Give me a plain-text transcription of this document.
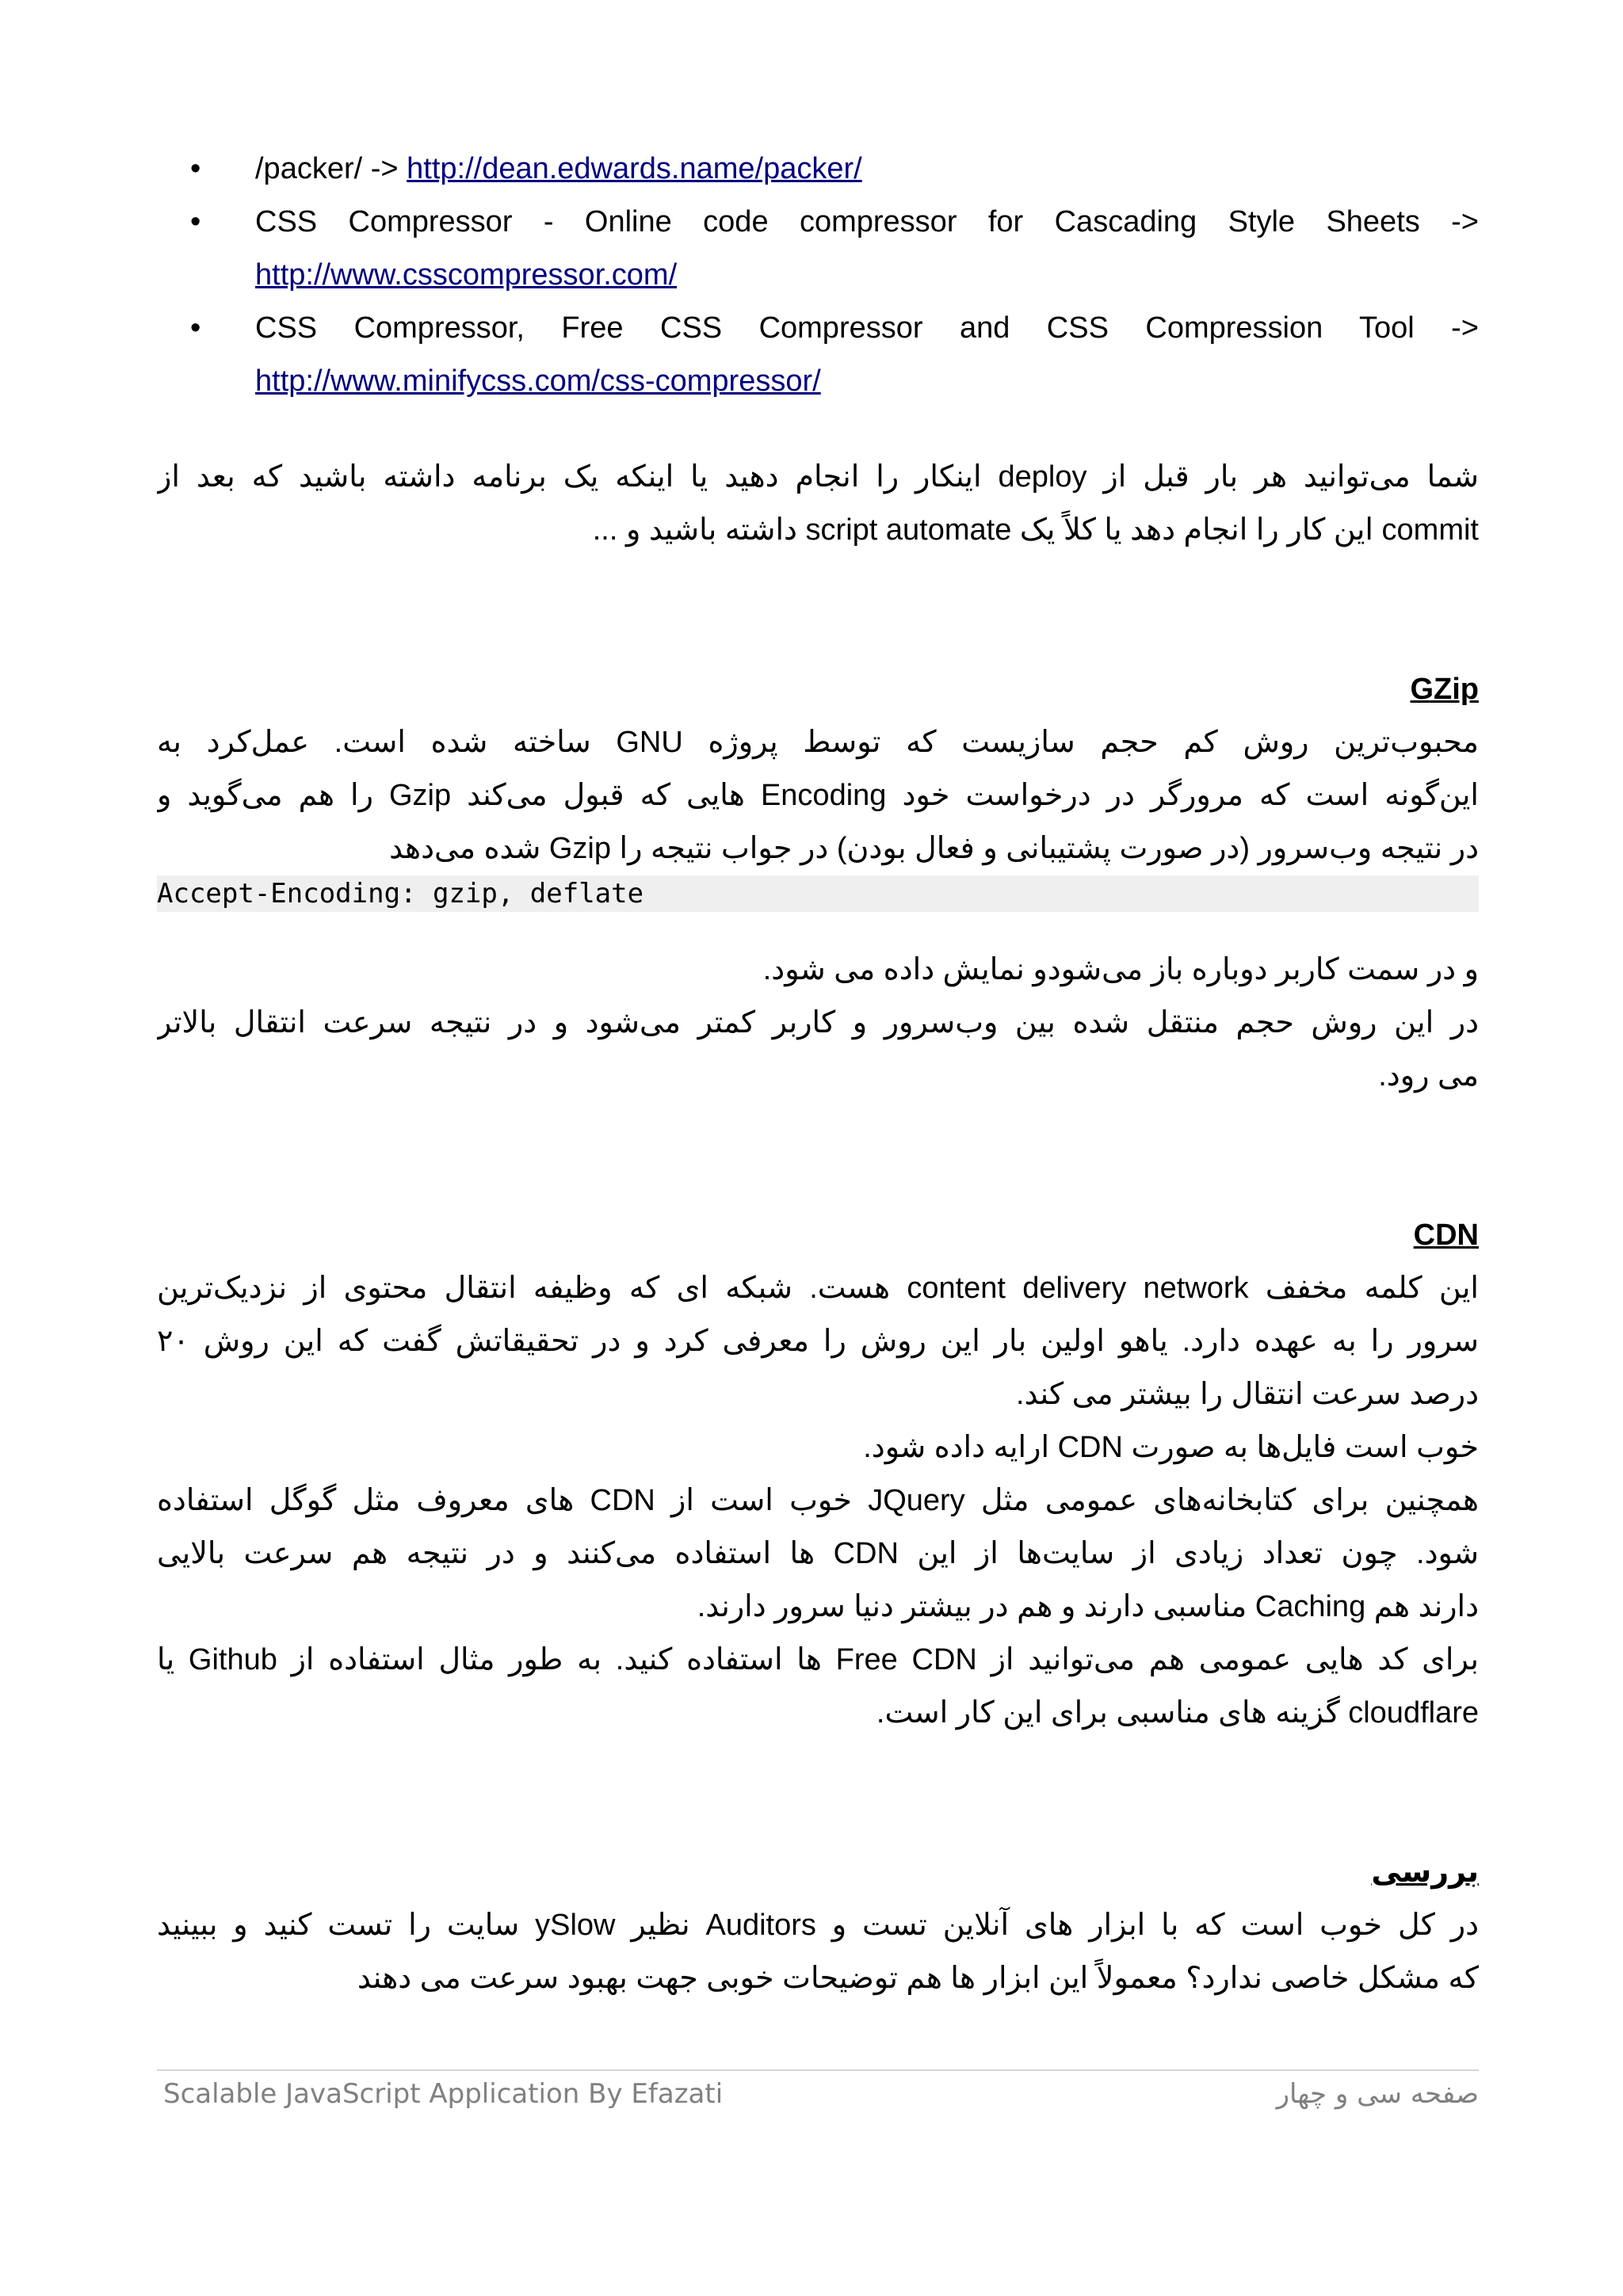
• /packer/ -> http://dean.edwards.name/packer/
• CSS Compressor - Online code compressor for Cascading Style Sheets ->
http://www.csscompressor.com/
• CSS Compressor, Free CSS Compressor and CSS Compression Tool ->
http://www.minifycss.com/css-compressor/
شما می‌توانید هر بار قبل از deploy اینکار را انجام دهید یا اینکه یک برنامه داشته باشید که بعد از
commit این کار را انجام دهد یا کلاً یک script automate داشته باشید و ...
GZip
محبوب‌ترین روش کم حجم سازیست که توسط پروژه GNU ساخته شده است. عمل‌کرد به
این‌گونه است که مرورگر در درخواست خود Encoding هایی که قبول می‌کند Gzip را هم می‌گوید و
در نتیجه وب‌سرور (در صورت پشتیبانی و فعال بودن) در جواب نتیجه را Gzip شده می‌دهد
Accept-Encoding: gzip, deflate
و در سمت کاربر دوباره باز می‌شودو نمایش داده می شود.
در این روش حجم منتقل شده بین وب‌سرور و کاربر کمتر می‌شود و در نتیجه سرعت انتقال بالاتر
می رود.
CDN
این کلمه مخفف content delivery network هست. شبکه ای که وظیفه انتقال محتوی از نزدیک‌ترین
سرور را به عهده دارد. یاهو اولین بار این روش را معرفی کرد و در تحقیقاتش گفت که این روش ۲۰
درصد سرعت انتقال را بیشتر می کند.
خوب است فایل‌ها به صورت CDN ارایه داده شود.
همچنین برای کتابخانه‌های عمومی مثل JQuery خوب است از CDN های معروف مثل گوگل استفاده
شود. چون تعداد زیادی از سایت‌ها از این CDN ها استفاده می‌کنند و در نتیجه هم سرعت بالایی
دارند هم Caching مناسبی دارند و هم در بیشتر دنیا سرور دارند.
برای کد هایی عمومی هم می‌توانید از Free CDN ها استفاده کنید. به طور مثال استفاده از Github یا
cloudflare گزینه های مناسبی برای این کار است.
بررسی
در کل خوب است که با ابزار های آنلاین تست و Auditors نظیر ySlow سایت را تست کنید و ببینید
که مشکل خاصی ندارد؟ معمولاً این ابزار ها هم توضیحات خوبی جهت بهبود سرعت می دهند
Scalable JavaScript Application By Efazati	صفحه سی و چهار
